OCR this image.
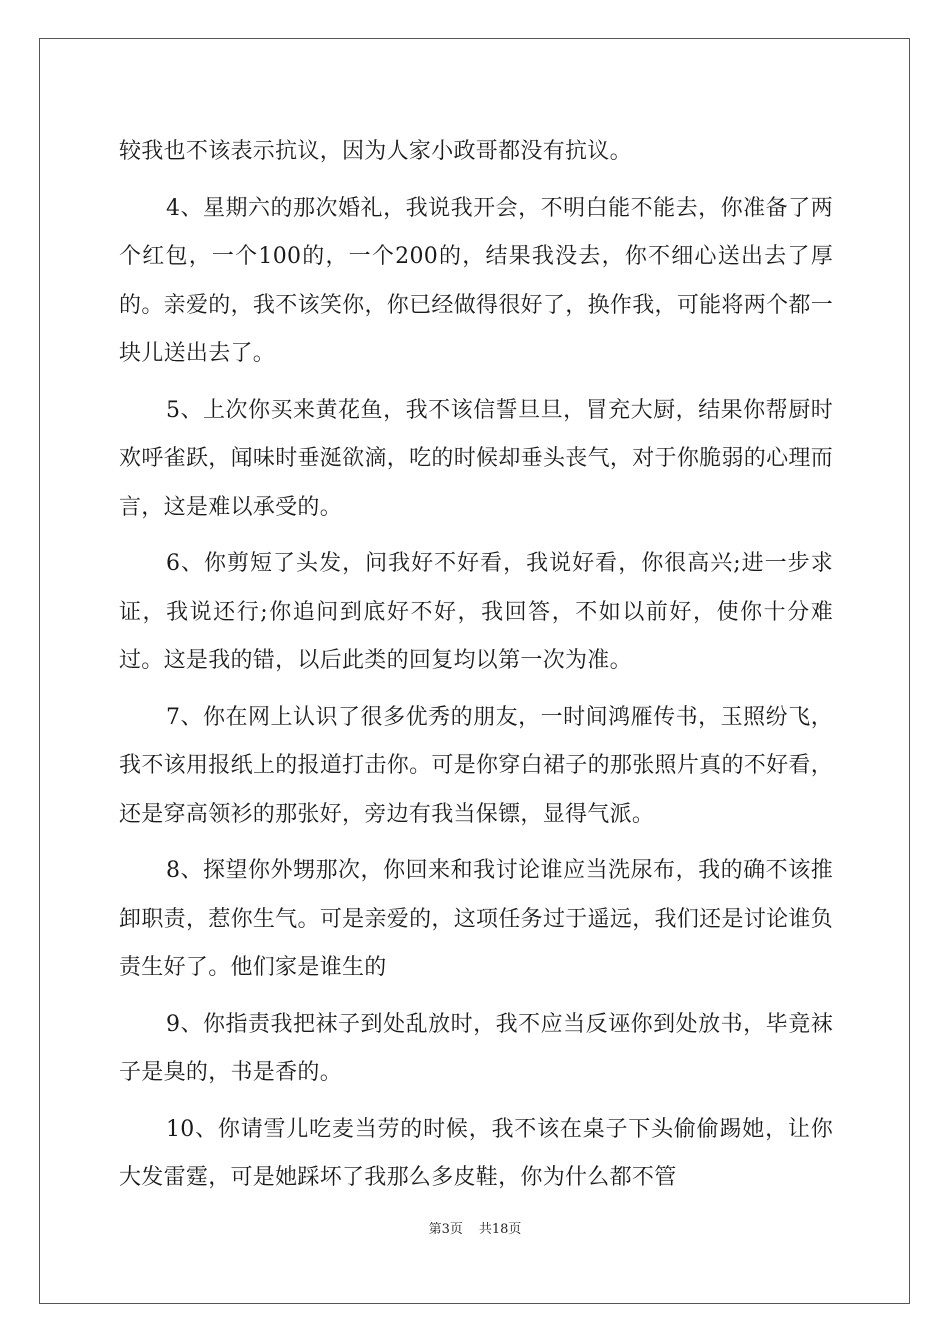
较我也不该表示抗议，因为人家小政哥都没有抗议。

4、星期六的那次婚礼，我说我开会，不明白能不能去，你准备了两个红包，一个100的，一个200的，结果我没去，你不细心送出去了厚的。亲爱的，我不该笑你，你已经做得很好了，换作我，可能将两个都一块儿送出去了。

5、上次你买来黄花鱼，我不该信誓旦旦，冒充大厨，结果你帮厨时欢呼雀跃，闻味时垂涎欲滴，吃的时候却垂头丧气，对于你脆弱的心理而言，这是难以承受的。

6、你剪短了头发，问我好不好看，我说好看，你很高兴;进一步求证，我说还行;你追问到底好不好，我回答，不如以前好，使你十分难过。这是我的错，以后此类的回复均以第一次为准。

7、你在网上认识了很多优秀的朋友，一时间鸿雁传书，玉照纷飞，我不该用报纸上的报道打击你。可是你穿白裙子的那张照片真的不好看，还是穿高领衫的那张好，旁边有我当保镖，显得气派。

8、探望你外甥那次，你回来和我讨论谁应当洗尿布，我的确不该推卸职责，惹你生气。可是亲爱的，这项任务过于遥远，我们还是讨论谁负责生好了。他们家是谁生的

9、你指责我把袜子到处乱放时，我不应当反诬你到处放书，毕竟袜子是臭的，书是香的。

10、你请雪儿吃麦当劳的时候，我不该在桌子下头偷偷踢她，让你大发雷霆，可是她踩坏了我那么多皮鞋，你为什么都不管

第3页 共18页
